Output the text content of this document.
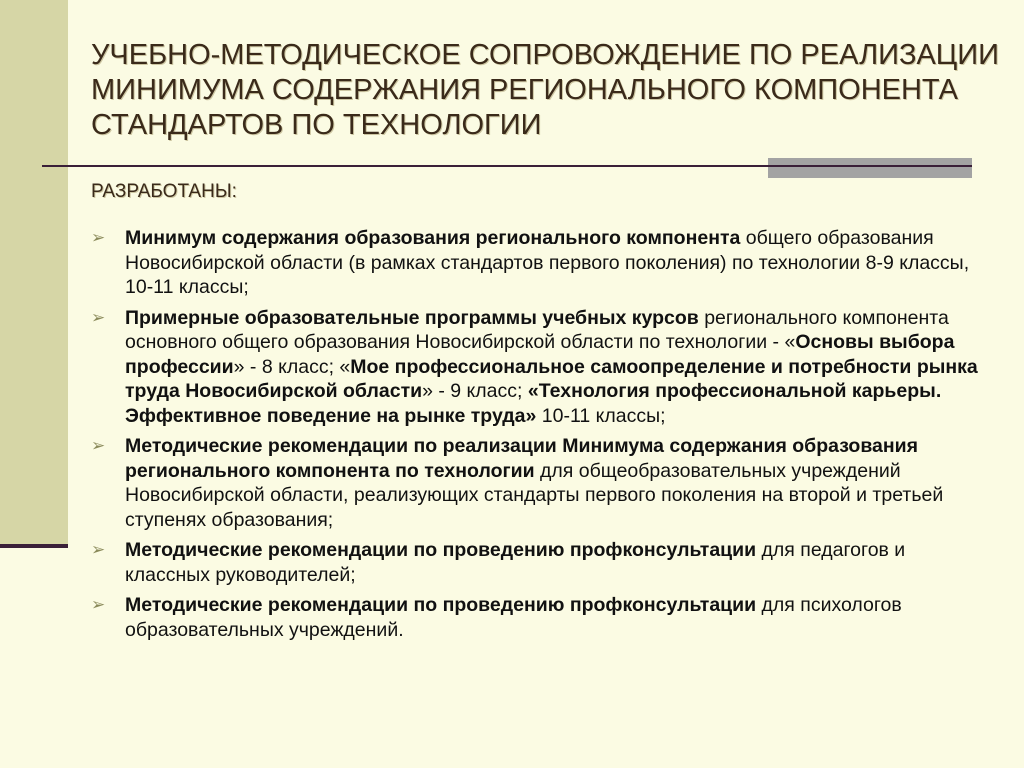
УЧЕБНО-МЕТОДИЧЕСКОЕ СОПРОВОЖДЕНИЕ ПО РЕАЛИЗАЦИИ МИНИМУМА СОДЕРЖАНИЯ РЕГИОНАЛЬНОГО КОМПОНЕНТА СТАНДАРТОВ ПО ТЕХНОЛОГИИ
РАЗРАБОТАНЫ:
➢ Минимум содержания образования регионального компонента общего образования Новосибирской области (в рамках стандартов первого поколения) по технологии 8-9 классы, 10-11 классы;
➢ Примерные образовательные программы учебных курсов регионального компонента основного общего образования Новосибирской области по технологии - «Основы выбора профессии» - 8 класс; «Мое профессиональное самоопределение и потребности рынка труда Новосибирской области» - 9 класс; «Технология профессиональной карьеры. Эффективное поведение на рынке труда» 10-11 классы;
➢ Методические рекомендации по реализации Минимума содержания образования регионального компонента по технологии для общеобразовательных учреждений Новосибирской области, реализующих стандарты первого поколения на второй и третьей ступенях образования;
➢ Методические рекомендации по проведению профконсультации для педагогов и классных руководителей;
➢ Методические рекомендации по проведению профконсультации для психологов образовательных учреждений.
